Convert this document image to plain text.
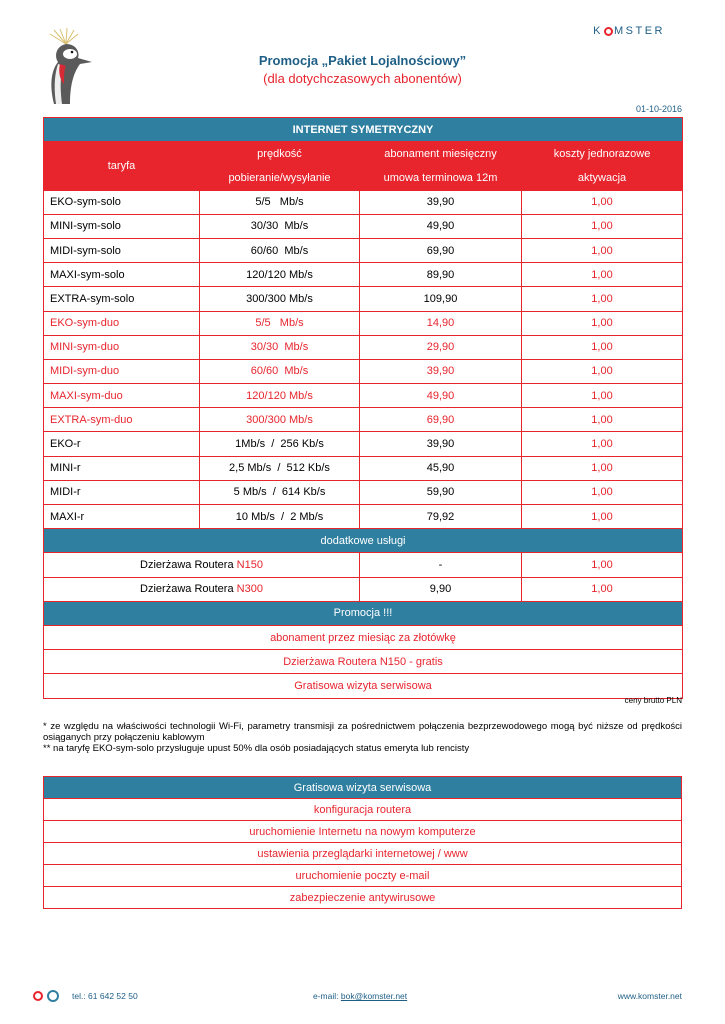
K MSTER
Promocja „Pakiet Lojalnościowy”
(dla dotychczasowych abonentów)
01-10-2016
INTERNET SYMETRYCZNY			
taryfa	prędkość	abonament miesięczny	koszty jednorazowe
	pobieranie/wysyłanie	umowa terminowa 12m	aktywacja
EKO-sym-solo	5/5   Mb/s	39,90	1,00
MINI-sym-solo	30/30  Mb/s	49,90	1,00
MIDI-sym-solo	60/60  Mb/s	69,90	1,00
MAXI-sym-solo	120/120 Mb/s	89,90	1,00
EXTRA-sym-solo	300/300 Mb/s	109,90	1,00
EKO-sym-duo	5/5   Mb/s	14,90	1,00
MINI-sym-duo	30/30  Mb/s	29,90	1,00
MIDI-sym-duo	60/60  Mb/s	39,90	1,00
MAXI-sym-duo	120/120 Mb/s	49,90	1,00
EXTRA-sym-duo	300/300 Mb/s	69,90	1,00
EKO-r	1Mb/s  /  256 Kb/s	39,90	1,00
MINI-r	2,5 Mb/s  /  512 Kb/s	45,90	1,00
MIDI-r	5 Mb/s  /  614 Kb/s	59,90	1,00
MAXI-r	10 Mb/s  /  2 Mb/s	79,92	1,00
dodatkowe usługi			
Dzierżawa Routera N150		-	1,00
Dzierżawa Routera N300		9,90	1,00
Promocja !!!			
abonament przez miesiąc za złotówkę			
Dzierżawa Routera N150 - gratis			
Gratisowa wizyta serwisowa			
ceny brutto PLN
* ze względu na właściwości technologii Wi-Fi, parametry transmisji za pośrednictwem połączenia bezprzewodowego mogą być niższe od prędkości osiąganych przy połączeniu kablowym
** na taryfę EKO-sym-solo przysługuje upust 50% dla osób posiadających status emeryta lub rencisty
Gratisowa wizyta serwisowa
konfiguracja routera
uruchomienie Internetu na nowym komputerze
ustawienia przeglądarki internetowej / www
uruchomienie poczty e-mail
zabezpieczenie antywirusowe
tel.: 61 642 52 50	e-mail: bok@komster.net	www.komster.net
